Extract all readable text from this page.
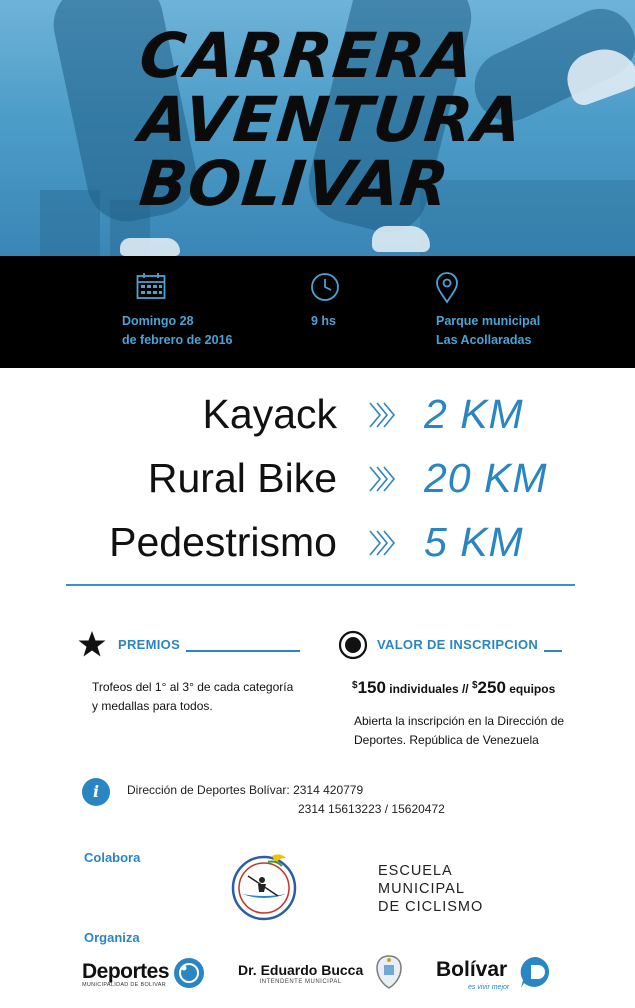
CARRERA
AVENTURA
BOLIVAR
Domingo 28
de febrero de 2016
9 hs	Parque municipal
Las Acollaradas
Kayack 2 KM
Rural Bike 20 KM
Pedestrismo 5 KM
PREMIOS
Trofeos del 1° al 3° de cada categoría
y medallas para todos.
VALOR DE INSCRIPCION
$150 individuales // $250 equipos
Abierta la inscripción en la Dirección de
Deportes. República de Venezuela
i	Dirección de Deportes Bolívar: 2314 420779
2314 15613223 / 15620472
Colabora
ESCUELA
MUNICIPAL
DE CICLISMO
Organiza
Deportes
MUNICIPALIDAD DE BOLIVAR
Dr. Eduardo Bucca
INTENDENTE MUNICIPAL
Bolívar
es vivir mejor
